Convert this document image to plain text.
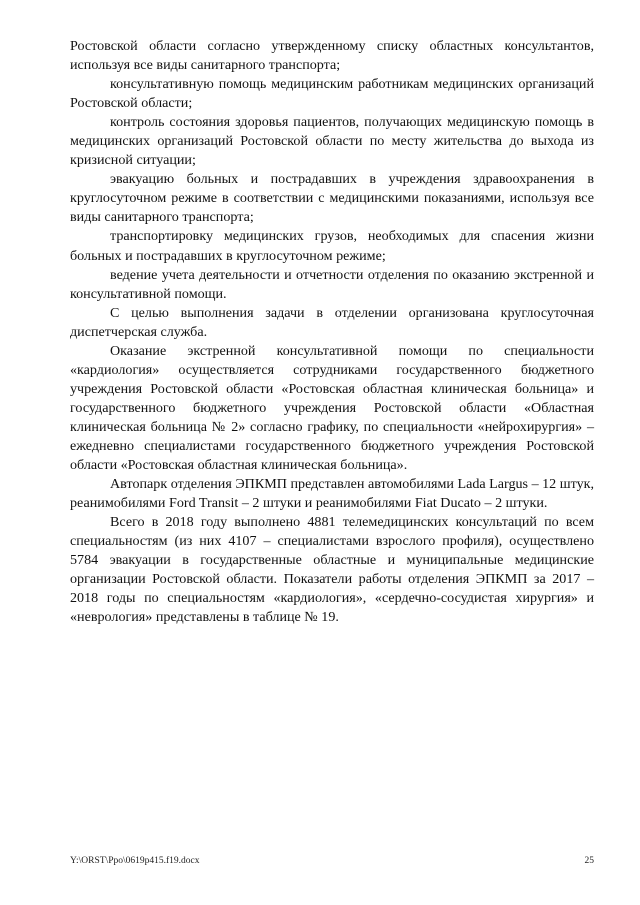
Ростовской области согласно утвержденному списку областных консультантов, используя все виды санитарного транспорта;

консультативную помощь медицинским работникам медицинских организаций Ростовской области;

контроль состояния здоровья пациентов, получающих медицинскую помощь в медицинских организаций Ростовской области по месту жительства до выхода из кризисной ситуации;

эвакуацию больных и пострадавших в учреждения здравоохранения в круглосуточном режиме в соответствии с медицинскими показаниями, используя все виды санитарного транспорта;

транспортировку медицинских грузов, необходимых для спасения жизни больных и пострадавших в круглосуточном режиме;

ведение учета деятельности и отчетности отделения по оказанию экстренной и консультативной помощи.

С целью выполнения задачи в отделении организована круглосуточная диспетчерская служба.

Оказание экстренной консультативной помощи по специальности «кардиология» осуществляется сотрудниками государственного бюджетного учреждения Ростовской области «Ростовская областная клиническая больница» и государственного бюджетного учреждения Ростовской области «Областная клиническая больница № 2» согласно графику, по специальности «нейрохирургия» – ежедневно специалистами государственного бюджетного учреждения Ростовской области «Ростовская областная клиническая больница».

Автопарк отделения ЭПКМП представлен автомобилями Lada Largus – 12 штук, реанимобилями Ford Transit – 2 штуки и реанимобилями Fiat Ducato – 2 штуки.

Всего в 2018 году выполнено 4881 телемедицинских консультаций по всем специальностям (из них 4107 – специалистами взрослого профиля), осуществлено 5784 эвакуации в государственные областные и муниципальные медицинские организации Ростовской области. Показатели работы отделения ЭПКМП за 2017 – 2018 годы по специальностям «кардиология», «сердечно-сосудистая хирургия» и «неврология» представлены в таблице № 19.

Y:\ORST\Ppo\0619p415.f19.docx	25
